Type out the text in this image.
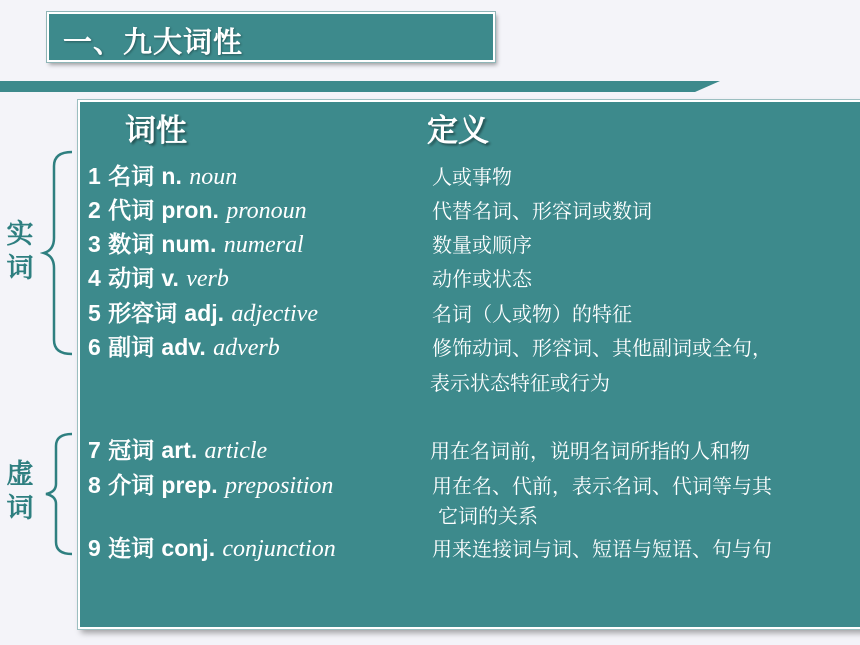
一、九大词性
词性	定义
实词
虚词
1 名词 n. noun	人或事物
2 代词 pron. pronoun	代替名词、形容词或数词
3 数词 num. numeral	数量或顺序
4 动词 v. verb	动作或状态
5 形容词 adj. adjective	名词（人或物）的特征
6 副词 adv. adverb	修饰动词、形容词、其他副词或全句，
表示状态特征或行为
7 冠词 art. article	用在名词前，说明名词所指的人和物
8 介词 prep. preposition	用在名、代前，表示名词、代词等与其
它词的关系
9 连词 conj. conjunction	用来连接词与词、短语与短语、句与句
